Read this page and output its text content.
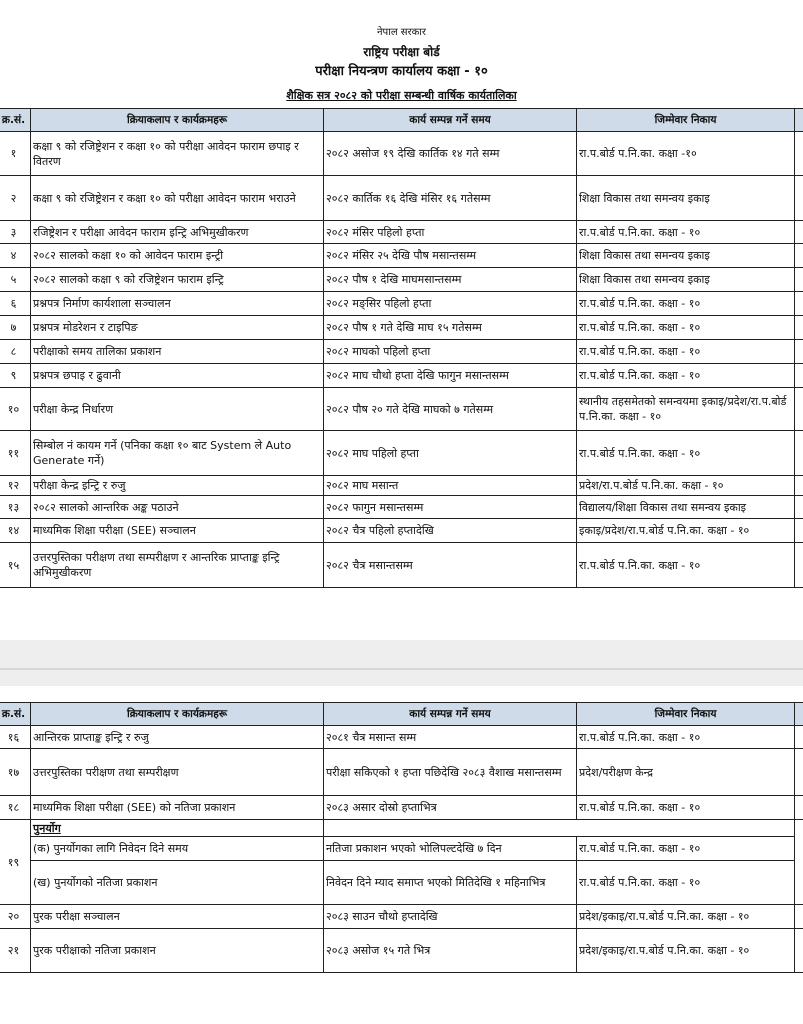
नेपाल सरकार
राष्ट्रिय परीक्षा बोर्ड
परीक्षा नियन्त्रण कार्यालय कक्षा - १०
शैक्षिक सत्र २०८२ को परीक्षा सम्बन्धी वार्षिक कार्यतालिका
क्र.सं.	क्रियाकलाप र कार्यक्रमहरू	कार्य सम्पन्न गर्ने समय	जिम्मेवार निकाय	
१	कक्षा ९ को रजिष्ट्रेशन र कक्षा १० को परीक्षा आवेदन फाराम छपाइ र वितरण	२०८२ असोज १९ देखि कार्तिक १४ गते सम्म	रा.प.बोर्ड प.नि.का. कक्षा -१०	
२	कक्षा ९ को रजिष्ट्रेशन र कक्षा १० को परीक्षा आवेदन फाराम भराउने	२०८२ कार्तिक १६ देखि मंसिर १६ गतेसम्म	शिक्षा विकास तथा समन्वय इकाइ	
३	रजिष्ट्रेशन र परीक्षा आवेदन फाराम इन्ट्रि अभिमुखीकरण	२०८२ मंसिर पहिलो हप्ता	रा.प.बोर्ड प.नि.का. कक्षा - १०	
४	२०८२ सालको कक्षा १० को आवेदन फाराम इन्ट्री	२०८२ मंसिर २५ देखि पौष मसान्तसम्म	शिक्षा विकास तथा समन्वय इकाइ	
५	२०८२ सालको कक्षा ९ को रजिष्ट्रेशन फाराम इन्ट्रि	२०८२ पौष १ देखि माघमसान्तसम्म	शिक्षा विकास तथा समन्वय इकाइ	
६	प्रश्नपत्र निर्माण कार्यशाला सञ्चालन	२०८२ मङ्सिर पहिलो हप्ता	रा.प.बोर्ड प.नि.का. कक्षा - १०	
७	प्रश्नपत्र मोडरेशन र टाइपिङ	२०८२ पौष १ गते देखि माघ १५ गतेसम्म	रा.प.बोर्ड प.नि.का. कक्षा - १०	
८	परीक्षाको समय तालिका प्रकाशन	२०८२ माघको पहिलो हप्ता	रा.प.बोर्ड प.नि.का. कक्षा - १०	
९	प्रश्नपत्र छपाइ र ढुवानी	२०८२ माघ चौथो हप्ता देखि फागुन मसान्तसम्म	रा.प.बोर्ड प.नि.का. कक्षा - १०	
१०	परीक्षा केन्द्र निर्धारण	२०८२ पौष २० गते देखि माघको ७ गतेसम्म	स्थानीय तहसमेतको समन्वयमा इकाइ/प्रदेश/रा.प.बोर्ड प.नि.का. कक्षा - १०	
११	सिम्बोल नं कायम गर्ने (पनिका कक्षा १० बाट System ले Auto Generate गर्ने)	२०८२ माघ पहिलो हप्ता	रा.प.बोर्ड प.नि.का. कक्षा - १०	
१२	परीक्षा केन्द्र इन्ट्रि र रुजु	२०८२ माघ मसान्त	प्रदेश/रा.प.बोर्ड प.नि.का. कक्षा - १०	
१३	२०८२ सालको आन्तरिक अङ्क पठाउने	२०८२ फागुन मसान्तसम्म	विद्यालय/शिक्षा विकास तथा समन्वय इकाइ	
१४	माध्यमिक शिक्षा परीक्षा (SEE) सञ्चालन	२०८२ चैत्र पहिलो हप्तादेखि	इकाइ/प्रदेश/रा.प.बोर्ड प.नि.का. कक्षा - १०	
१५	उत्तरपुस्तिका परीक्षण तथा सम्परीक्षण र आन्तरिक प्राप्ताङ्क इन्ट्रि अभिमुखीकरण	२०८२ चैत्र मसान्तसम्म	रा.प.बोर्ड प.नि.का. कक्षा - १०	
क्र.सं.	क्रियाकलाप र कार्यक्रमहरू	कार्य सम्पन्न गर्ने समय	जिम्मेवार निकाय	
१६	आन्तिरक प्राप्ताङ्क इन्ट्रि र रुजु	२०८१ चैत्र मसान्त सम्म	रा.प.बोर्ड प.नि.का. कक्षा - १०	
१७	उत्तरपुस्तिका परीक्षण तथा सम्परीक्षण	परीक्षा सकिएको १ हप्ता पछिदेखि २०८३ वैशाख मसान्तसम्म	प्रदेश/परीक्षण केन्द्र	
१८	माध्यमिक शिक्षा परीक्षा (SEE) को नतिजा प्रकाशन	२०८३ असार दोस्रो हप्ताभित्र	रा.प.बोर्ड प.नि.का. कक्षा - १०	
१९	पुनर्योग			
	(क) पुनर्योगका लागि निवेदन दिने समय	नतिजा प्रकाशन भएको भोलिपल्टदेखि ७ दिन	रा.प.बोर्ड प.नि.का. कक्षा - १०	
	(ख) पुनर्योगको नतिजा प्रकाशन	निवेदन दिने म्याद समाप्त भएको मितिदेखि १ महिनाभित्र	रा.प.बोर्ड प.नि.का. कक्षा - १०	
२०	पुरक परीक्षा सञ्चालन	२०८३ साउन चौथो हप्तादेखि	प्रदेश/इकाइ/रा.प.बोर्ड प.नि.का. कक्षा - १०	
२१	पुरक परीक्षाको नतिजा प्रकाशन	२०८३ असोज १५ गते भित्र	प्रदेश/इकाइ/रा.प.बोर्ड प.नि.का. कक्षा - १०	
